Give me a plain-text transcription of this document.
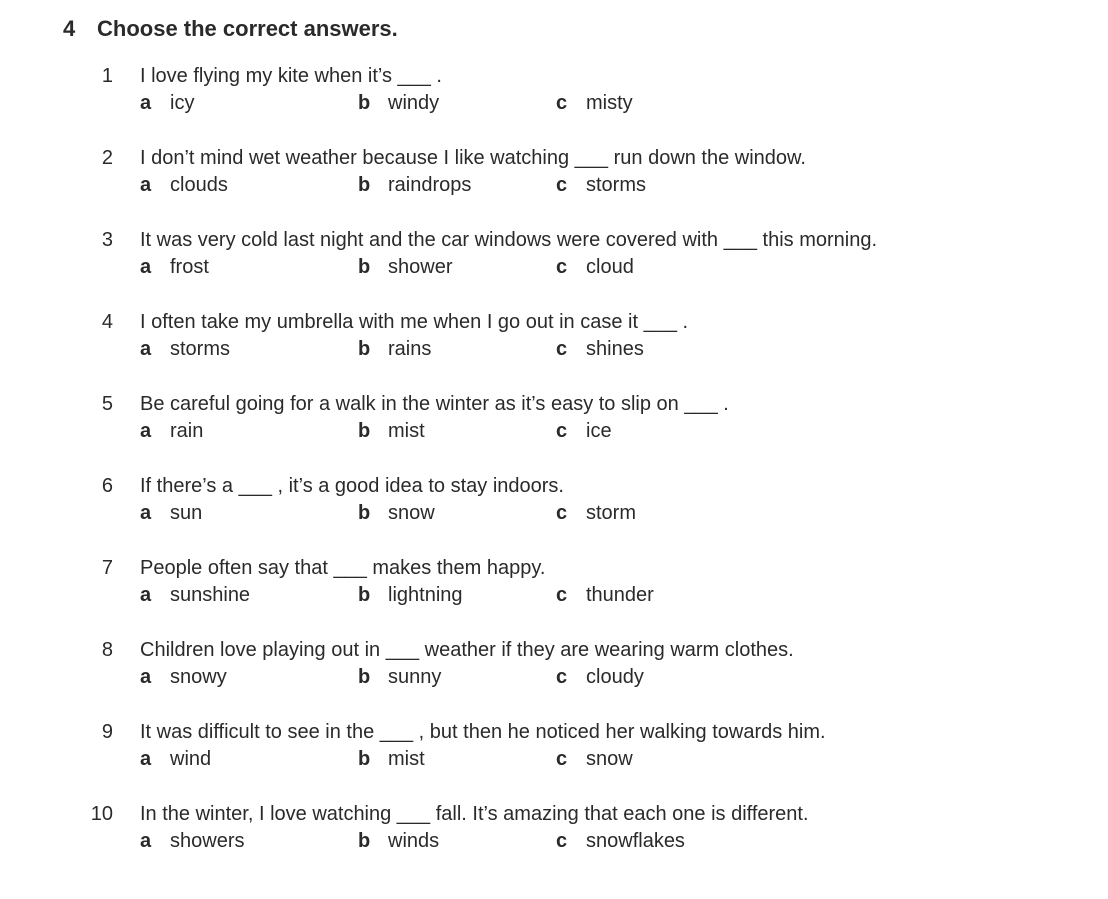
4 Choose the correct answers.
1 I love flying my kite when it’s ___ .
a icy	b windy	c misty
2 I don’t mind wet weather because I like watching ___ run down the window.
a clouds	b raindrops	c storms
3 It was very cold last night and the car windows were covered with ___ this morning.
a frost	b shower	c cloud
4 I often take my umbrella with me when I go out in case it ___ .
a storms	b rains	c shines
5 Be careful going for a walk in the winter as it’s easy to slip on ___ .
a rain	b mist	c ice
6 If there’s a ___ , it’s a good idea to stay indoors.
a sun	b snow	c storm
7 People often say that ___ makes them happy.
a sunshine	b lightning	c thunder
8 Children love playing out in ___ weather if they are wearing warm clothes.
a snowy	b sunny	c cloudy
9 It was difficult to see in the ___ , but then he noticed her walking towards him.
a wind	b mist	c snow
10 In the winter, I love watching ___ fall. It’s amazing that each one is different.
a showers	b winds	c snowflakes
